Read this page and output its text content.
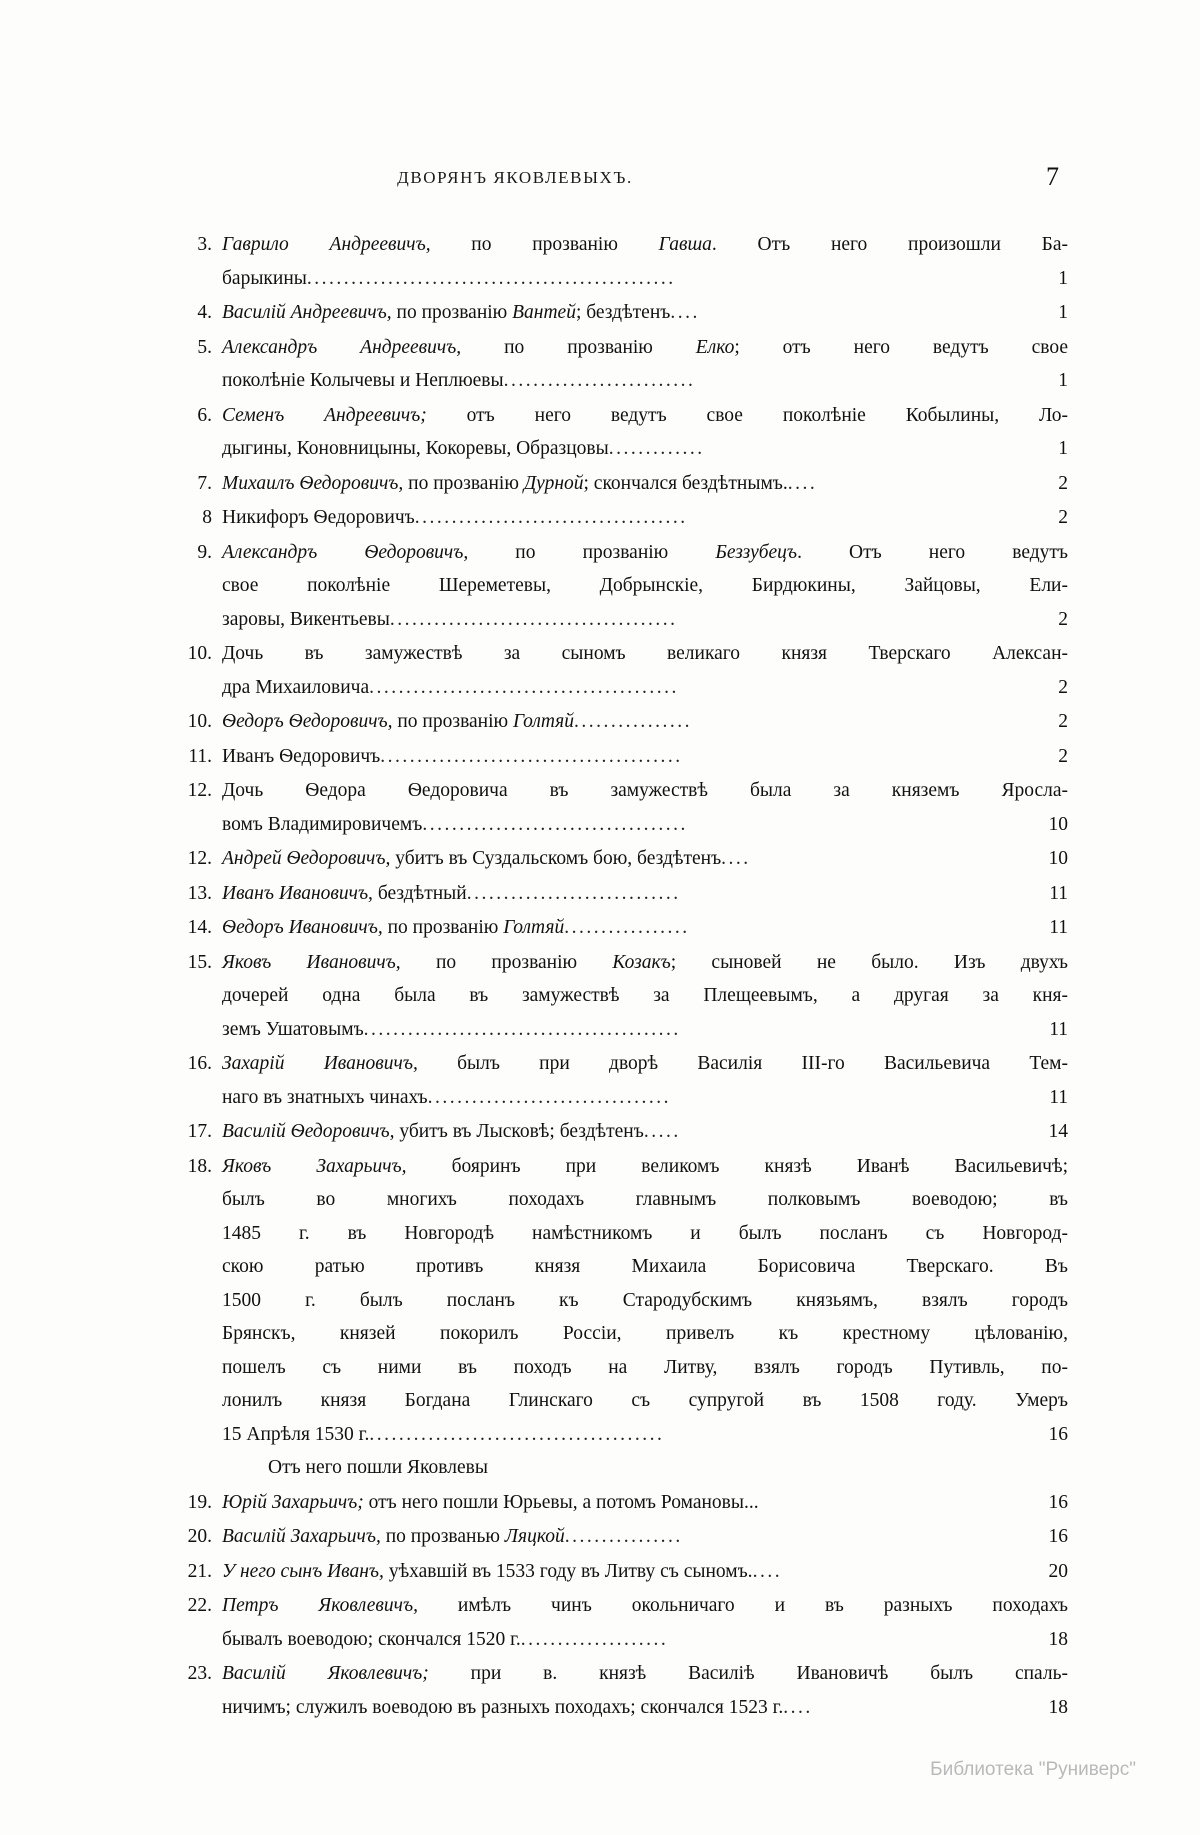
ДВОРЯНЪ ЯКОВЛЕВЫХЪ.	7
3. Гаврило Андреевичъ, по прозванію Гавша. Отъ него произошли Ба-
барыкины..................................................	1
4. Василій Андреевичъ, по прозванію Вантей; бездѣтенъ....	1
5. Александръ Андреевичъ, по прозванію Елко; отъ него ведутъ свое
поколѣніе Колычевы и Неплюевы..........................	1
6. Семенъ Андреевичъ; отъ него ведутъ свое поколѣніе Кобылины, Ло-
дыгины, Коновницыны, Кокоревы, Образцовы.............	1
7. Михаилъ Ѳедоровичъ, по прозванію Дурной; скончался бездѣтнымъ.....	2
8 Никифоръ Ѳедоровичъ.....................................	2
9. Александръ Ѳедоровичъ, по прозванію Беззубецъ. Отъ него ведутъ
свое поколѣніе Шереметевы, Добрынскіе, Бирдюкины, Зайцовы, Ели-
заровы, Викентьевы.......................................	2
10. Дочь въ замужествѣ за сыномъ великаго князя Тверскаго Алексан-
дра Михаиловича..........................................	2
10. Ѳедоръ Ѳедоровичъ, по прозванію Голтяй................	2
11. Иванъ Ѳедоровичъ.........................................	2
12. Дочь Ѳедора Ѳедоровича въ замужествѣ была за княземъ Яросла-
вомъ Владимировичемъ....................................	10
12. Андрей Ѳедоровичъ, убитъ въ Суздальскомъ бою, бездѣтенъ....	10
13. Иванъ Ивановичъ, бездѣтный.............................	11
14. Ѳедоръ Ивановичъ, по прозванію Голтяй.................	11
15. Яковъ Ивановичъ, по прозванію Козакъ; сыновей не было. Изъ двухъ
дочерей одна была въ замужествѣ за Плещеевымъ, а другая за кня-
земъ Ушатовымъ...........................................	11
16. Захарій Ивановичъ, былъ при дворѣ Василія III-го Васильевича Тем-
наго въ знатныхъ чинахъ.................................	11
17. Василій Ѳедоровичъ, убитъ въ Лысковѣ; бездѣтенъ.....	14
18. Яковъ Захарьичъ, бояринъ при великомъ князѣ Иванѣ Васильевичѣ;
былъ во многихъ походахъ главнымъ полковымъ воеводою; въ
1485 г. въ Новгородѣ намѣстникомъ и былъ посланъ съ Новгород-
скою ратью противъ князя Михаила Борисовича Тверскаго. Въ
1500 г. былъ посланъ къ Стародубскимъ князьямъ, взялъ городъ
Брянскъ, князей покорилъ Россіи, привелъ къ крестному цѣлованію,
пошелъ съ ними въ походъ на Литву, взялъ городъ Путивль, по-
лонилъ князя Богдана Глинскаго съ супругой въ 1508 году. Умеръ
15 Апрѣля 1530 г.........................................	16
Отъ него пошли Яковлевы
19. Юрій Захарьичъ; отъ него пошли Юрьевы, а потомъ Романовы...	16
20. Василій Захарьичъ, по прозванью Ляцкой................	16
21. У него сынъ Иванъ, уѣхавшій въ 1533 году въ Литву съ сыномъ.....	20
22. Петръ Яковлевичъ, имѣлъ чинъ окольничаго и въ разныхъ походахъ
бывалъ воеводою; скончался 1520 г.....................	18
23. Василій Яковлевичъ; при в. князѣ Василіѣ Ивановичѣ былъ спаль-
ничимъ; служилъ воеводою въ разныхъ походахъ; скончался 1523 г.....	18
Библиотека "Руниверс"
